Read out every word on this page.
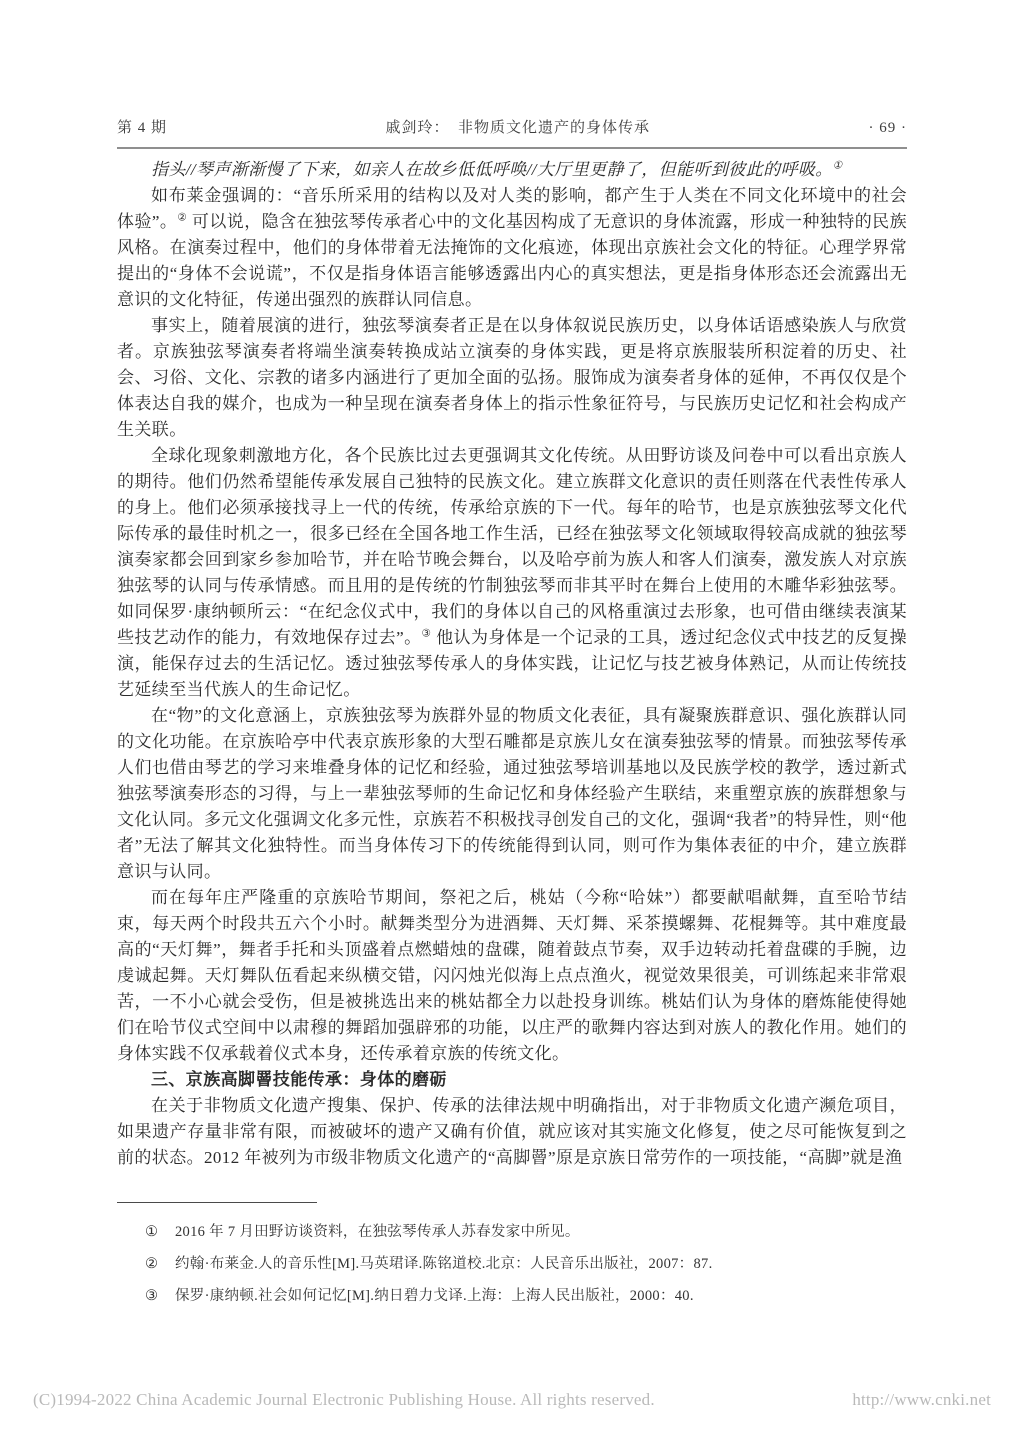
第 4 期	戚剑玲：　非物质文化遗产的身体传承	· 69 ·

指头//琴声渐渐慢了下来，如亲人在故乡低低呼唤//大厅里更静了，但能听到彼此的呼吸。①

如布莱金强调的：“音乐所采用的结构以及对人类的影响，都产生于人类在不同文化环境中的社会体验”。② 可以说，隐含在独弦琴传承者心中的文化基因构成了无意识的身体流露，形成一种独特的民族风格。在演奏过程中，他们的身体带着无法掩饰的文化痕迹，体现出京族社会文化的特征。心理学界常提出的“身体不会说谎”，不仅是指身体语言能够透露出内心的真实想法，更是指身体形态还会流露出无意识的文化特征，传递出强烈的族群认同信息。

事实上，随着展演的进行，独弦琴演奏者正是在以身体叙说民族历史，以身体话语感染族人与欣赏者。京族独弦琴演奏者将端坐演奏转换成站立演奏的身体实践，更是将京族服装所积淀着的历史、社会、习俗、文化、宗教的诸多内涵进行了更加全面的弘扬。服饰成为演奏者身体的延伸，不再仅仅是个体表达自我的媒介，也成为一种呈现在演奏者身体上的指示性象征符号，与民族历史记忆和社会构成产生关联。

全球化现象刺激地方化，各个民族比过去更强调其文化传统。从田野访谈及问卷中可以看出京族人的期待。他们仍然希望能传承发展自己独特的民族文化。建立族群文化意识的责任则落在代表性传承人的身上。他们必须承接找寻上一代的传统，传承给京族的下一代。每年的哈节，也是京族独弦琴文化代际传承的最佳时机之一，很多已经在全国各地工作生活，已经在独弦琴文化领域取得较高成就的独弦琴演奏家都会回到家乡参加哈节，并在哈节晚会舞台，以及哈亭前为族人和客人们演奏，激发族人对京族独弦琴的认同与传承情感。而且用的是传统的竹制独弦琴而非其平时在舞台上使用的木雕华彩独弦琴。如同保罗·康纳顿所云：“在纪念仪式中，我们的身体以自己的风格重演过去形象，也可借由继续表演某些技艺动作的能力，有效地保存过去”。③ 他认为身体是一个记录的工具，透过纪念仪式中技艺的反复操演，能保存过去的生活记忆。透过独弦琴传承人的身体实践，让记忆与技艺被身体熟记，从而让传统技艺延续至当代族人的生命记忆。

在“物”的文化意涵上，京族独弦琴为族群外显的物质文化表征，具有凝聚族群意识、强化族群认同的文化功能。在京族哈亭中代表京族形象的大型石雕都是京族儿女在演奏独弦琴的情景。而独弦琴传承人们也借由琴艺的学习来堆叠身体的记忆和经验，通过独弦琴培训基地以及民族学校的教学，透过新式独弦琴演奏形态的习得，与上一辈独弦琴师的生命记忆和身体经验产生联结，来重塑京族的族群想象与文化认同。多元文化强调文化多元性，京族若不积极找寻创发自己的文化，强调“我者”的特异性，则“他者”无法了解其文化独特性。而当身体传习下的传统能得到认同，则可作为集体表征的中介，建立族群意识与认同。

而在每年庄严隆重的京族哈节期间，祭祀之后，桃姑（今称“哈妹”）都要献唱献舞，直至哈节结束，每天两个时段共五六个小时。献舞类型分为进酒舞、天灯舞、采茶摸螺舞、花棍舞等。其中难度最高的“天灯舞”，舞者手托和头顶盛着点燃蜡烛的盘碟，随着鼓点节奏，双手边转动托着盘碟的手腕，边虔诚起舞。天灯舞队伍看起来纵横交错，闪闪烛光似海上点点渔火，视觉效果很美，可训练起来非常艰苦，一不小心就会受伤，但是被挑选出来的桃姑都全力以赴投身训练。桃姑们认为身体的磨炼能使得她们在哈节仪式空间中以肃穆的舞蹈加强辟邪的功能，以庄严的歌舞内容达到对族人的教化作用。她们的身体实践不仅承载着仪式本身，还传承着京族的传统文化。

三、京族高脚罾技能传承：身体的磨砺

在关于非物质文化遗产搜集、保护、传承的法律法规中明确指出，对于非物质文化遗产濒危项目，如果遗产存量非常有限，而被破坏的遗产又确有价值，就应该对其实施文化修复，使之尽可能恢复到之前的状态。2012 年被列为市级非物质文化遗产的“高脚罾”原是京族日常劳作的一项技能，“高脚”就是渔

①	2016 年 7 月田野访谈资料，在独弦琴传承人苏春发家中所见。

②	约翰·布莱金.人的音乐性[M].马英珺译.陈铭道校.北京：人民音乐出版社，2007：87.

③	保罗·康纳顿.社会如何记忆[M].纳日碧力戈译.上海：上海人民出版社，2000：40.

(C)1994-2022 China Academic Journal Electronic Publishing House. All rights reserved.	http://www.cnki.net
